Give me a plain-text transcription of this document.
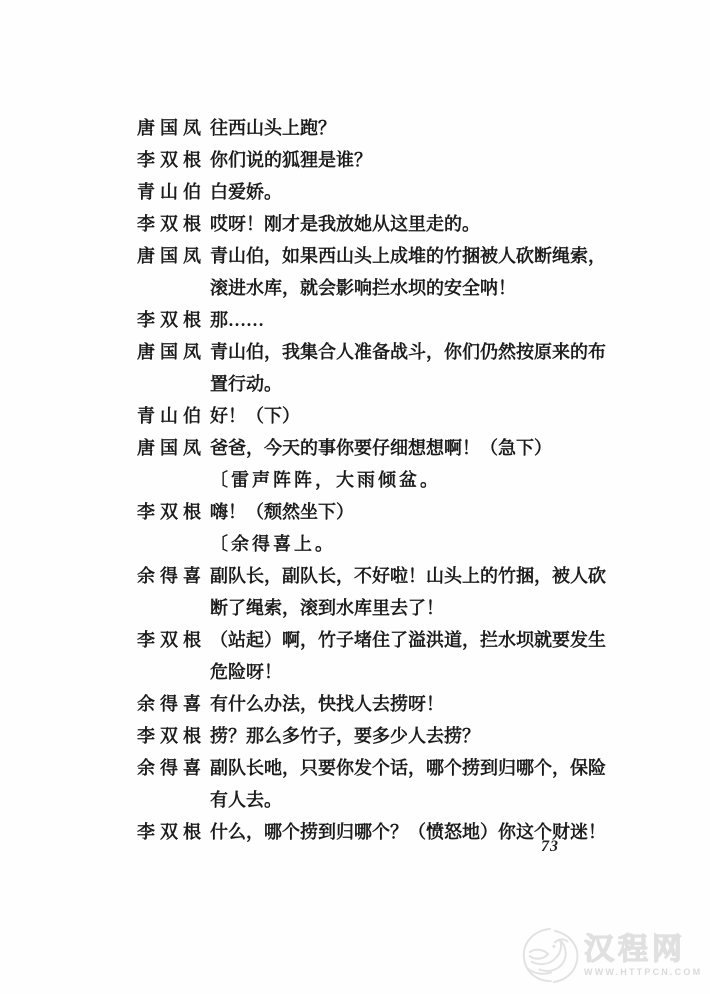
唐国凤 往西山头上跑？
李双根 你们说的狐狸是谁？
青山伯 白爱娇。
李双根 哎呀！刚才是我放她从这里走的。
唐国凤 青山伯，如果西山头上成堆的竹捆被人砍断绳索，滚进水库，就会影响拦水坝的安全呐！
李双根 那……
唐国凤 青山伯，我集合人准备战斗，你们仍然按原来的布置行动。
青山伯 好！（下）
唐国凤 爸爸，今天的事你要仔细想想啊！（急下）
〔雷声阵阵，大雨倾盆。
李双根 嗨！（颓然坐下）
〔余得喜上。
余得喜 副队长，副队长，不好啦！山头上的竹捆，被人砍断了绳索，滚到水库里去了！
李双根 （站起）啊，竹子堵住了溢洪道，拦水坝就要发生危险呀！
余得喜 有什么办法，快找人去捞呀！
李双根 捞？那么多竹子，要多少人去捞？
余得喜 副队长吔，只要你发个话，哪个捞到归哪个，保险有人去。
李双根 什么，哪个捞到归哪个？（愤怒地）你这个财迷！
73
汉程网
WWW.HTTPCN.COM
